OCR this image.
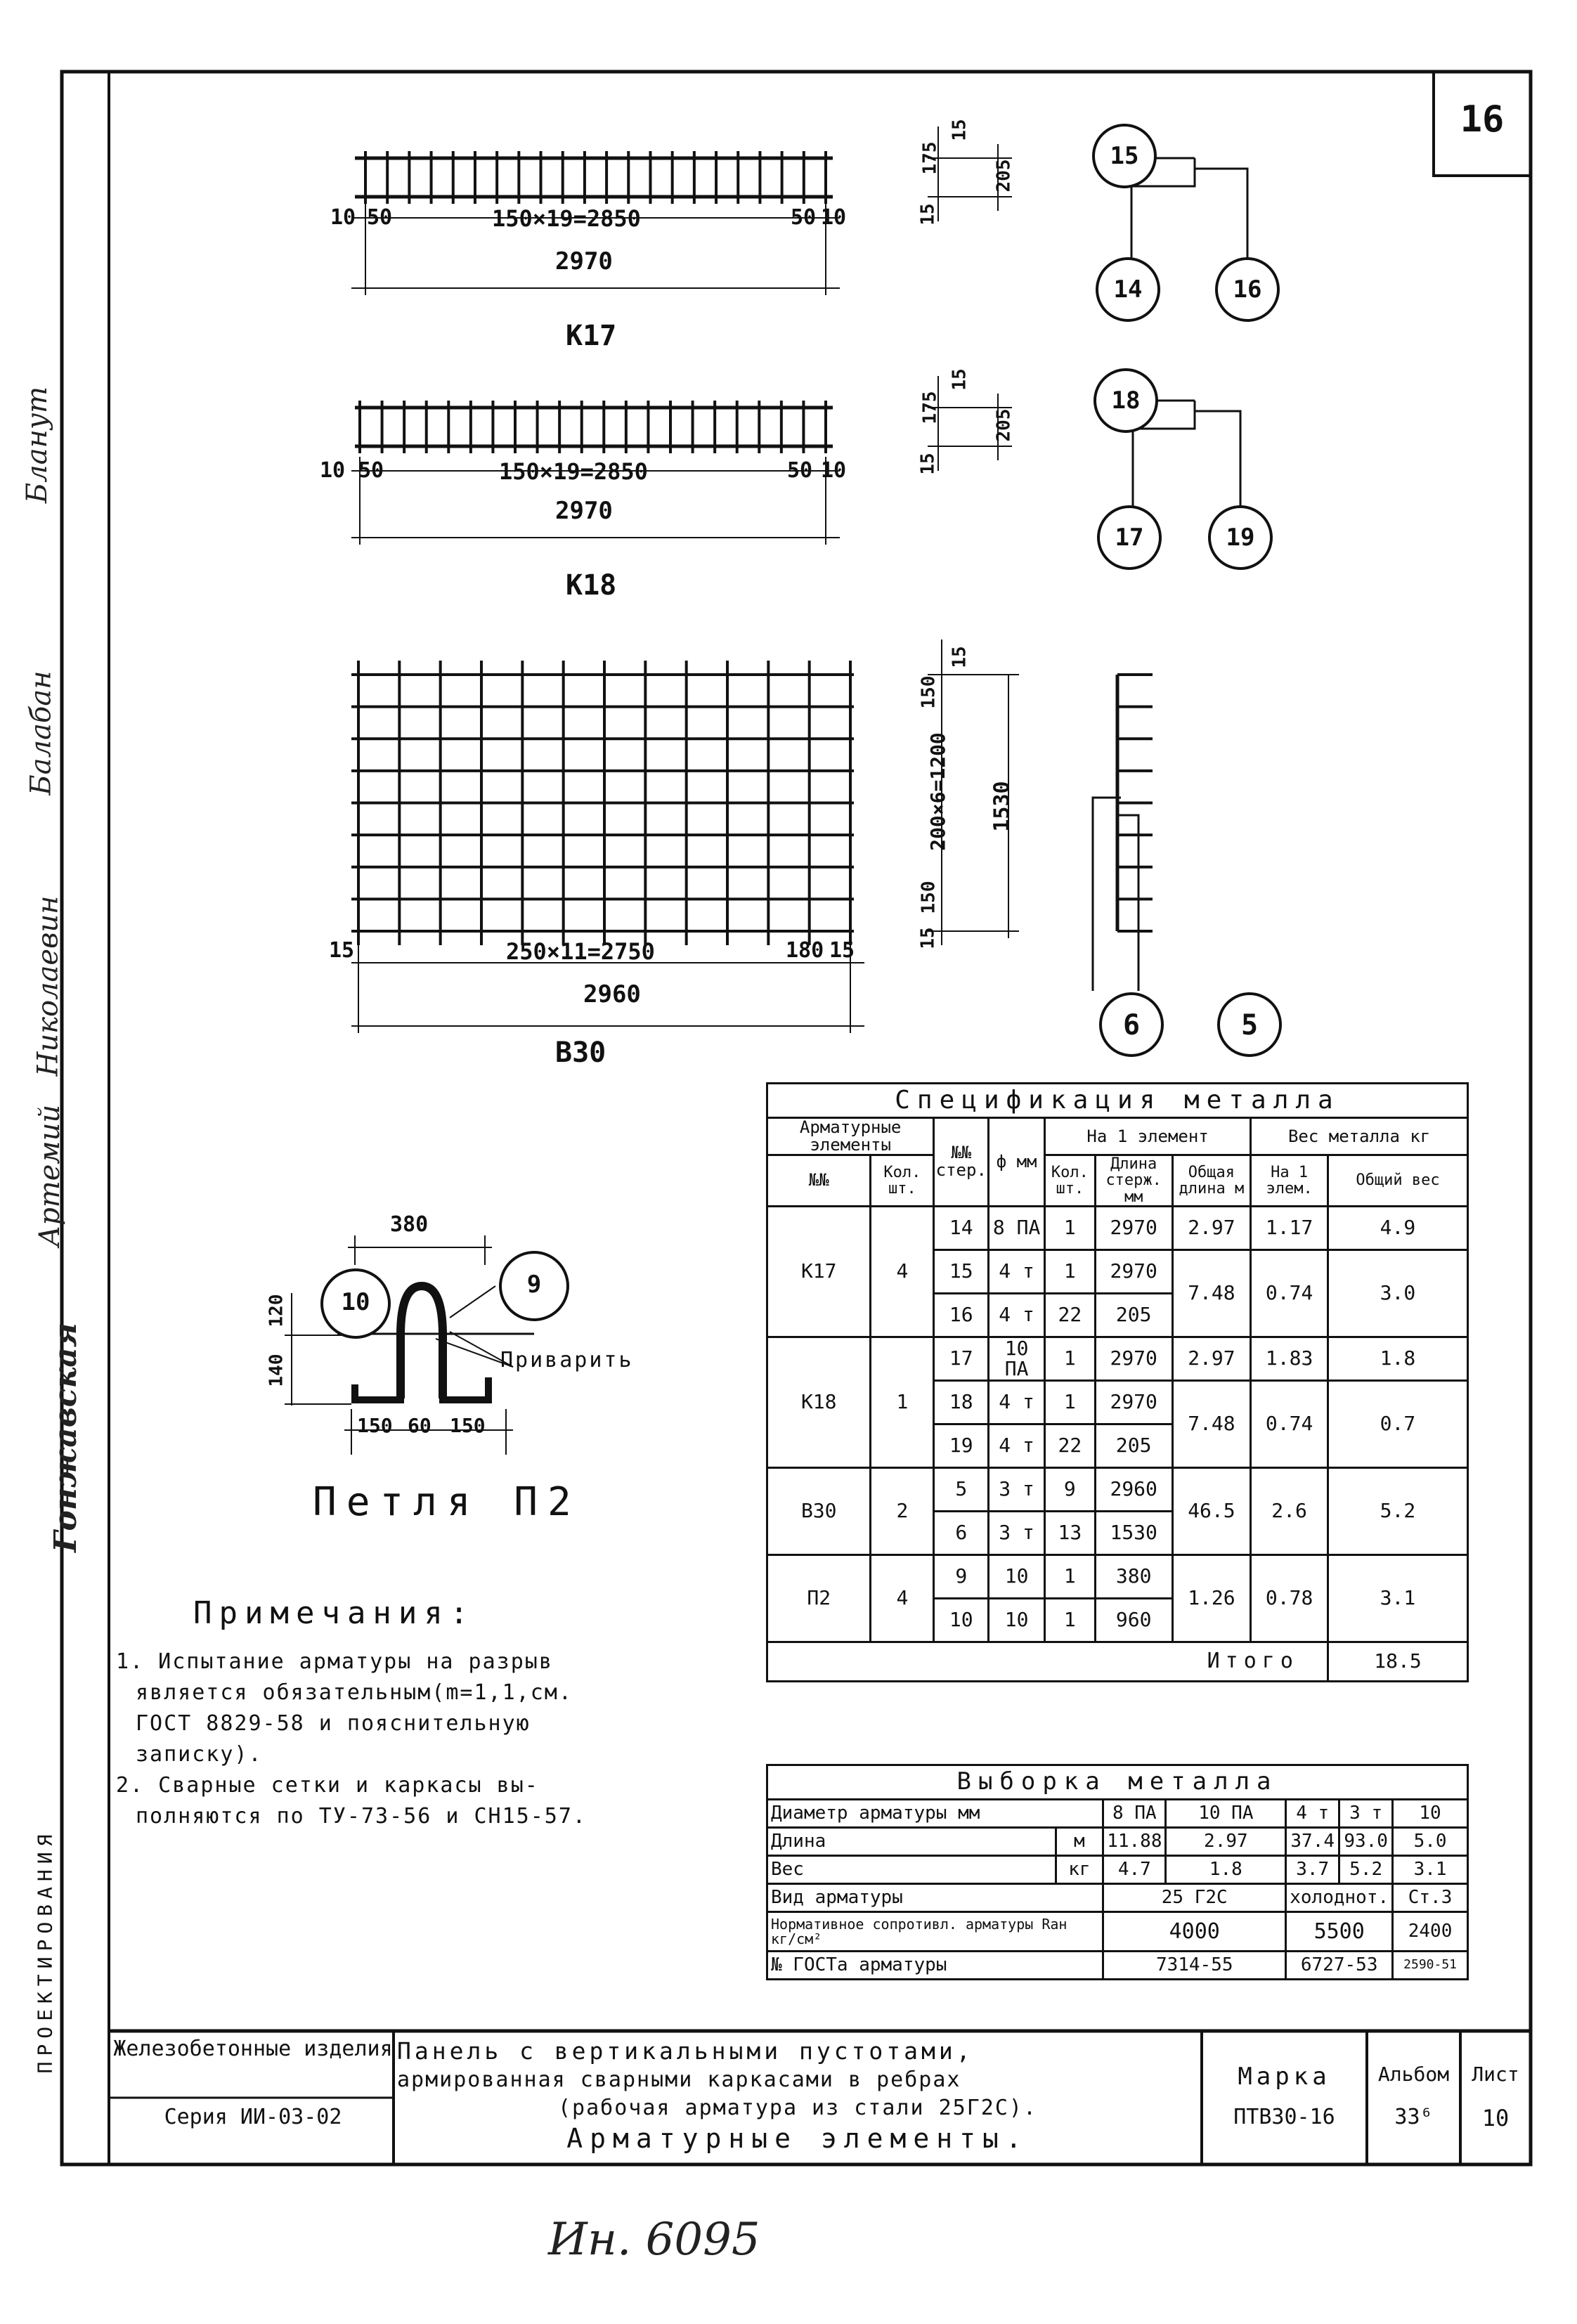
16
Бланут
Балабан
Николаевин
Артемий
Гонжавская
ПРОЕКТИРОВАНИЯ
10 50	150×19=2850	50 10
2970
К17
15
175
15
205
15
14	16
10 50	150×19=2850	50 10
2970
К18
15
175
15
205
18
17	19
15	250×11=2750	180 15
2960
В30
15
150
200×6=1200
150
15
1530
6	5
380
120
140
150 60 150
10
9
Приварить
Петля П2
Примечания:
1. Испытание арматуры на разрыв
является обязательным(m=1,1,см.
ГОСТ 8829-58 и пояснительную
записку).
2. Сварные сетки и каркасы вы-
полняются по ТУ-73-56 и СН15-57.
Спецификация металла								
Арматурные элементы		№№ стер.	ф мм	На 1 элемент			Вес металла кг	
№№	Кол. шт.			Кол. шт.	Длина стерж. мм	Общая длина м	На 1 элем.	Общий вес
К17	4	14	8 ПА	1	2970	2.97	1.17	4.9
		15	4 т	1	2970	7.48	0.74	3.0
		16	4 т	22	205			
К18	1	17	10 ПА	1	2970	2.97	1.83	1.8
		18	4 т	1	2970	7.48	0.74	0.7
		19	4 т	22	205			
В30	2	5	3 т	9	2960	46.5	2.6	5.2
		6	3 т	13	1530			
П2	4	9	10	1	380	1.26	0.78	3.1
		10	10	1	960			
Итого								18.5
Выборка металла						
Диаметр арматуры мм		8 ПА	10 ПА	4 т	3 т	10
Длина	м	11.88	2.97	37.4	93.0	5.0
Вес	кг	4.7	1.8	3.7	5.2	3.1
Вид арматуры		25 Г2С		холоднот.		Ст.3
Нормативное сопротивл. арматуры Rан кг/см²		4000		5500		2400
№ ГОСТа арматуры		7314-55		6727-53		2590-51
Железобетонные изделия
Серия ИИ-03-02
Панель с вертикальными пустотами,
армированная сварными каркасами в ребрах
(рабочая арматура из стали 25Г2С).
Арматурные элементы.
Марка
ПТВ30-16
Альбом
33⁶
Лист
10
Ин. 6095
